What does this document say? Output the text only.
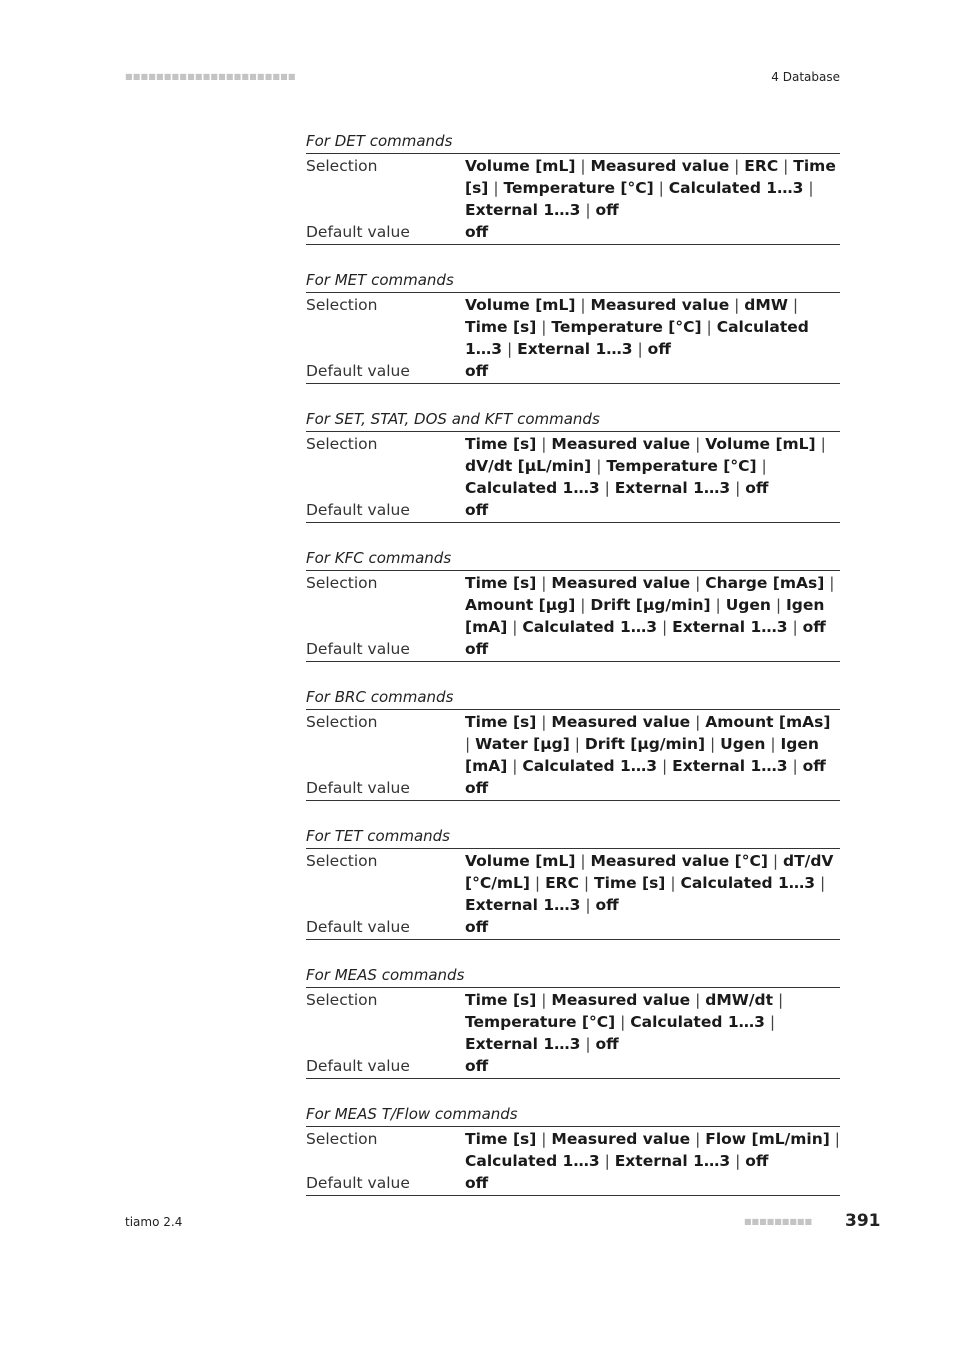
■■■■■■■■■■■■■■■■■■■■■■	4 Database
For DET commands
Selection	Volume [mL] | Measured value | ERC | Time [s] | Temperature [°C] | Calculated 1…3 | External 1…3 | off
Default value	off
For MET commands
Selection	Volume [mL] | Measured value | dMW | Time [s] | Temperature [°C] | Calculated 1…3 | External 1…3 | off
Default value	off
For SET, STAT, DOS and KFT commands
Selection	Time [s] | Measured value | Volume [mL] | dV/dt [µL/min] | Temperature [°C] | Calculated 1…3 | External 1…3 | off
Default value	off
For KFC commands
Selection	Time [s] | Measured value | Charge [mAs] | Amount [µg] | Drift [µg/min] | Ugen | Igen [mA] | Calculated 1…3 | External 1…3 | off
Default value	off
For BRC commands
Selection	Time [s] | Measured value | Amount [mAs] | Water [µg] | Drift [µg/min] | Ugen | Igen [mA] | Calculated 1…3 | External 1…3 | off
Default value	off
For TET commands
Selection	Volume [mL] | Measured value [°C] | dT/dV [°C/mL] | ERC | Time [s] | Calculated 1…3 | External 1…3 | off
Default value	off
For MEAS commands
Selection	Time [s] | Measured value | dMW/dt | Temperature [°C] | Calculated 1…3 | External 1…3 | off
Default value	off
For MEAS T/Flow commands
Selection	Time [s] | Measured value | Flow [mL/min] | Calculated 1…3 | External 1…3 | off
Default value	off
tiamo 2.4	■■■■■■■■■ 391
